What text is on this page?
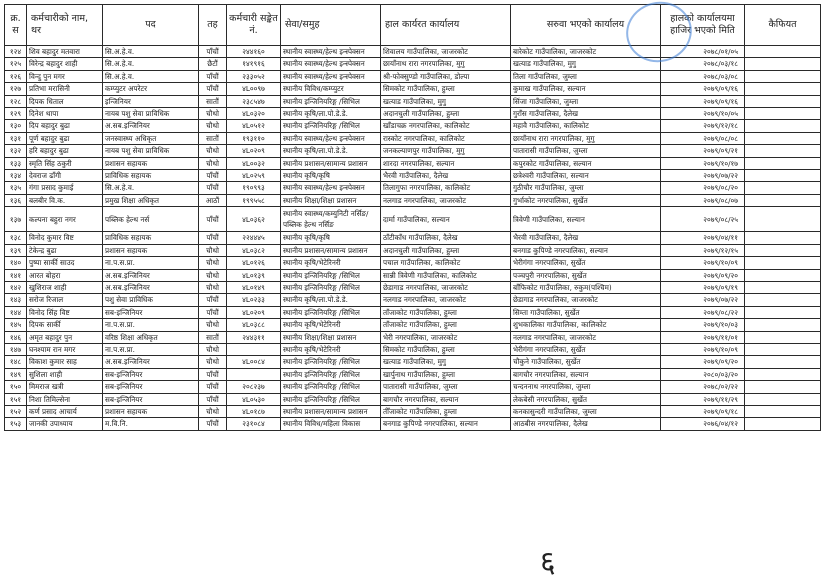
क्र. स	कर्मचारीको नाम, थर	पद	तह	कर्मचारी सङ्केत नं.	सेवा/समुह	हाल कार्यरत कार्यालय	सरुवा भएको कार्यालय	हालको कार्यालयमा हाजिर भएको मिति	कैफियत
१२४	शिव बहादुर मतवारा	सि.अ.हे.व.	पाँचौं	२४४१६०	स्थानीय स्वास्थ्य/हेल्थ इन्स्पेक्सन	शिवालय गाउँपालिका, जाजरकोट	बारेकोट गाउँपालिका, जाजरकोट	२०७८/०१/०५	
१२५	विरेन्द्र बहादुर शाही	सि.अ.हे.व.	छैटौं	१४१९१६	स्थानीय स्वास्थ्य/हेल्थ इन्स्पेक्सन	छायाँनाथ रारा नगरपालिका, मुगु	खत्याड गाउँपालिका, मुगु	२०७८/०३/१८	
१२६	विन्दु पुन मगर	सि.अ.हे.व.	पाँचौं	२३३०५२	स्थानीय स्वास्थ्य/हेल्थ इन्स्पेक्सन	श्री-फोक्सुण्डो गाउँपालिका, डोल्पा	तिला गाउँपालिका, जुम्ला	२०७८/०३/०८	
१२७	प्रतिभा मरासिनी	कम्प्युटर अपरेटर	पाँचौं	४L००९७	स्थानीय विविध/कम्प्युटर	सिमकोट गाउँपालिका, हुम्ला	कुमाख गाउँपालिका, सल्यान	२०७९/०९/१६	
१२८	दिपक धिताल	इन्जिनियर	सातौं	२३८५४७	स्थानीय इन्जिनियरिङ्ग /सिभिल	खत्याड गाउँपालिका, मुगु	सिंजा गाउँपालिका, जुम्ला	२०७९/०९/१६	
१२९	दिनेश थापा	नायब पशु सेवा प्राविधिक	चौथो	४L०३२०	स्थानीय कृषि/ला.पो.डे.डे.	अदानचुली गाउँपालिका, हुम्ला	गुराँस गाउँपालिका, दैलेख	२०७९/१०/०५	
१३०	दिप बहादुर बुढा	अ.सब.इन्जिनियर	चौथो	४L०५१२	स्थानीय इन्जिनियरिङ्ग /सिभिल	खाँडाचक्र नगरपालिका, कालिकोट	महावै गाउँपालिका, कालिकोट	२०७९/१२/१८	
१३१	पूर्ण बहादुर बुढा	जनस्वास्थ्य अधिकृत	सातौं	१९३११०	स्थानीय स्वास्थ्य/हेल्थ इन्स्पेक्सन	रास्कोट नगरपालिका, कालिकोट	छायाँनाथ रारा नगरपालिका, मुगु	२०७९/०८/०८	
१३२	हरि बहादुर बुढा	नायब पशु सेवा प्राविधिक	चौथो	४L०२०९	स्थानीय कृषि/ला.पो.डे.डे.	जनकल्याणपुर गाउँपालिका, मुगु	पातारासी गाउँपालिका, जुम्ला	२०७९/०९/२१	
१३३	स्मृति सिंह ठकुरी	प्रशासन सहायक	चौथो	४L००३२	स्थानीय प्रशासन/सामान्य प्रशासन	शारदा नगरपालिका, सल्यान	कपुरकोट गाउँपालिका, सल्यान	२०७९/१०/१७	
१३४	देवराज ढाँगी	प्राविधिक सहायक	पाँचौं	४L०२५९	स्थानीय कृषि/कृषि	भैरवी गाउँपालिका, दैलेख	छत्रेश्वरी गाउँपालिका, सल्यान	२०७९/०७/२२	
१३५	गंगा प्रसाद कुमाई	सि.अ.हे.व.	पाँचौं	१९०९९३	स्थानीय स्वास्थ्य/हेल्थ इन्स्पेक्सन	तिलागुफा नगरपालिका, कालिकोट	गुठीचौर गाउँपालिका, जुम्ला	२०७९/०८/२०	
१३६	बलबीर वि.क.	प्रमुख शिक्षा अधिकृत	आठौं	१९९५५८	स्थानीय शिक्षा/शिक्षा प्रशासन	नलगाड नगरपालिका, जाजरकोट	गुर्भाकोट नगरपालिका, सुर्खेत	२०७९/०८/०७	
१३७	कल्पना बहुरा नगर	पब्लिक हेल्थ नर्स	पाँचौं	४L०३६२	स्थानीय स्वास्थ्य/कम्युनिटी नर्सिङ/पब्लिक हेल्थ नर्सिङ	दार्मा गाउँपालिका, सल्यान	त्रिवेणी गाउँपालिका, सल्यान	२०७९/०८/२५	
१३८	विनोद कुमार विष्ट	प्राविधिक सहायक	पाँचौं	२२४४४५	स्थानीय कृषि/कृषि	ठाँटीकाँध गाउँपालिका, दैलेख	भैरवी गाउँपालिका, दैलेख	२०७९/०४/११	
१३९	टेकेन्द्र बुढा	प्रशासन सहायक	चौथो	४L०३८२	स्थानीय प्रशासन/सामान्य प्रशासन	अदानचुली गाउँपालिका, हुम्ला	बनगाड कुपिण्डे नगरपालिका, सल्यान	२०७९/१२/१५	
१४०	पुष्पा सार्की साउद	ना.प.स.प्रा.	चौथो	४L०१२६	स्थानीय कृषि/भेटेरिनरी	पचाल गाउँपालिका, कालिकोट	भेरीगंगा नगरपालिका, सुर्खेत	२०७९/१०/०९	
१४१	आरत बोहरा	अ.सब.इन्जिनियर	चौथो	४L०१३९	स्थानीय इन्जिनियरिङ्ग /सिभिल	सान्नी त्रिवेणी गाउँपालिका, कालिकोट	पञ्चपुरी नगरपालिका, सुर्खेत	२०७९/०९/२०	
१४२	खुशिराज शाही	अ.सब.इन्जिनियर	चौथो	४L०१४९	स्थानीय इन्जिनियरिङ्ग /सिभिल	छेडागाड नगरपालिका, जाजरकोट	बाँफिकोट गाउँपालिका, रुकुम(पश्चिम)	२०७९/०९/१९	
१४३	सरोज रिजाल	पशु सेवा प्राविधिक	पाँचौं	४L०२३३	स्थानीय कृषि/ला.पो.डे.डे.	नलगाड नगरपालिका, जाजरकोट	छेडागाड नगरपालिका, जाजरकोट	२०७९/०७/२२	
१४४	विनोद सिंह विष्ट	सब-इन्जिनियर	पाँचौं	४L०२०९	स्थानीय इन्जिनियरिङ्ग /सिभिल	ताँजाकोट गाउँपालिका, हुम्ला	सिम्ता गाउँपालिका, सुर्खेत	२०७९/०८/२२	
१४५	दिपक सार्की	ना.प.स.प्रा.	चौथो	४L०३८८	स्थानीय कृषि/भेटेरिनरी	ताँजाकोट गाउँपालिका, हुम्ला	शुभकालिका गाउँपालिका, कालिकोट	२०७९/१०/०३	
१४६	अमृत बहादुर पुन	वरिष्ठ शिक्षा अधिकृत	सातौं	२४४३११	स्थानीय शिक्षा/शिक्षा प्रशासन	भेरी नगरपालिका, जाजरकोट	नलगाड नगरपालिका, जाजरकोट	२०७९/११/०१	
१४७	घनश्याम रान मगर	ना.प.स.प्रा.	चौथो		स्थानीय कृषि/भेटेरिनरी	सिमकोट गाउँपालिका, हुम्ला	भेरीगंगा नगरपालिका, सुर्खेत	२०७९/१०/०९	
१४८	विकाश कुमार साह	अ.सब.इन्जिनियर	चौथो	४L००८४	स्थानीय इन्जिनियरिङ्ग /सिभिल	खत्याड गाउँपालिका, मुगु	चौकुने गाउँपालिका, सुर्खेत	२०७९/०९/२०	
१४९	सुशिला शाही	सब-इन्जिनियर	पाँचौं		स्थानीय इन्जिनियरिङ्ग /सिभिल	खार्पुनाथ गाउँपालिका, हुम्ला	बागचौर नगरपालिका, सल्यान	२०८०/०३/२०	
१५०	मिमराज खत्री	सब-इन्जिनियर	पाँचौं	२०८२३७	स्थानीय इन्जिनियरिङ्ग /सिभिल	पातारासी गाउँपालिका, जुम्ला	चन्दननाथ नगरपालिका, जुम्ला	२०७८/०२/२२	
१५१	निशा तिमिल्सेना	सब-इन्जिनियर	पाँचौं	४L०५३०	स्थानीय इन्जिनियरिङ्ग /सिभिल	बागचौर नगरपालिका, सल्यान	लेकबेसी नगरपालिका, सुर्खेत	२०७९/११/२९	
१५२	कर्ण प्रसाद आचार्य	प्रशासन सहायक	चौथो	४L०१८७	स्थानीय प्रशासन/सामान्य प्रशासन	तीँजाकोट गाउँपालिका, हुम्ला	कनकासुन्दरी गाउँपालिका, जुम्ला	२०७९/०९/१८	
१५३	जानकी उपाध्याय	म.वि.नि.	पाँचौं	२३१०८४	स्थानीय विविध/महिला विकास	बनगाड कुपिण्डे नगरपालिका, सल्यान	आठबीस नगरपालिका, दैलेख	२०७६/०४/१२	
६
